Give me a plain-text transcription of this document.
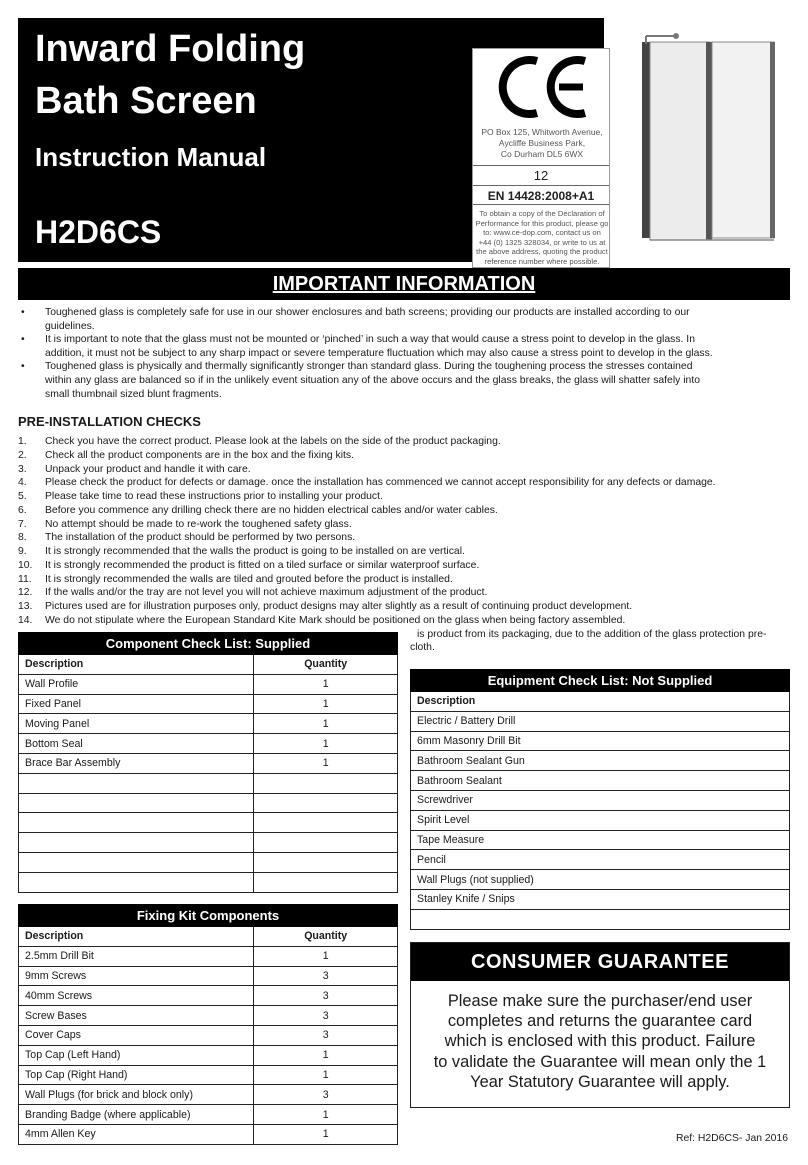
Inward Folding
Bath Screen
Instruction Manual
H2D6CS
PO Box 125, Whitworth Avenue,
Aycliffe Business Park,
Co Durham DL5 6WX
12
EN 14428:2008+A1
To obtain a copy of the Declaration of
Performance for this product, please go
to: www.ce-dop.com, contact us on
+44 (0) 1325 328034, or write to us at
the above address, quoting the product
reference number where possible.
IMPORTANT INFORMATION
• Toughened glass is completely safe for use in our shower enclosures and bath screens; providing our products are installed according to our
guidelines.
• It is important to note that the glass must not be mounted or ‘pinched’ in such a way that would cause a stress point to develop in the glass. In
addition, it must not be subject to any sharp impact or severe temperature fluctuation which may also cause a stress point to develop in the glass.
• Toughened glass is physically and thermally significantly stronger than standard glass. During the toughening process the stresses contained
within any glass are balanced so if in the unlikely event situation any of the above occurs and the glass breaks, the glass will shatter safely into
small thumbnail sized blunt fragments.
PRE-INSTALLATION CHECKS
1. Check you have the correct product. Please look at the labels on the side of the product packaging.
2. Check all the product components are in the box and the fixing kits.
3. Unpack your product and handle it with care.
4. Please check the product for defects or damage. once the installation has commenced we cannot accept responsibility for any defects or damage.
5. Please take time to read these instructions prior to installing your product.
6. Before you commence any drilling check there are no hidden electrical cables and/or water cables.
7. No attempt should be made to re-work the toughened safety glass.
8. The installation of the product should be performed by two persons.
9. It is strongly recommended that the walls the product is going to be installed on are vertical.
10. It is strongly recommended the product is fitted on a tiled surface or similar waterproof surface.
11. It is strongly recommended the walls are tiled and grouted before the product is installed.
12. If the walls and/or the tray are not level you will not achieve maximum adjustment of the product.
13. Pictures used are for illustration purposes only, product designs may alter slightly as a result of continuing product development.
14. We do not stipulate where the European Standard Kite Mark should be positioned on the glass when being factory assembled.
is product from its packaging, due to the addition of the glass protection pre-
cloth.
Component Check List: Supplied	
Description	Quantity
Wall Profile	1
Fixed Panel	1
Moving Panel	1
Bottom Seal	1
Brace Bar Assembly	1

Equipment Check List: Not Supplied
Description
Electric / Battery Drill
6mm Masonry Drill Bit
Bathroom Sealant Gun
Bathroom Sealant
Screwdriver
Spirit Level
Tape Measure
Pencil
Wall Plugs (not supplied)
Stanley Knife / Snips

Fixing Kit Components	
Description	Quantity
2.5mm Drill Bit	1
9mm Screws	3
40mm Screws	3
Screw Bases	3
Cover Caps	3
Top Cap (Left Hand)	1
Top Cap (Right Hand)	1
Wall Plugs (for brick and block only)	3
Branding Badge (where applicable)	1
4mm Allen Key	1
CONSUMER GUARANTEE
Please make sure the purchaser/end user
completes and returns the guarantee card
which is enclosed with this product. Failure
to validate the Guarantee will mean only the 1
Year Statutory Guarantee will apply.
Ref: H2D6CS- Jan 2016
